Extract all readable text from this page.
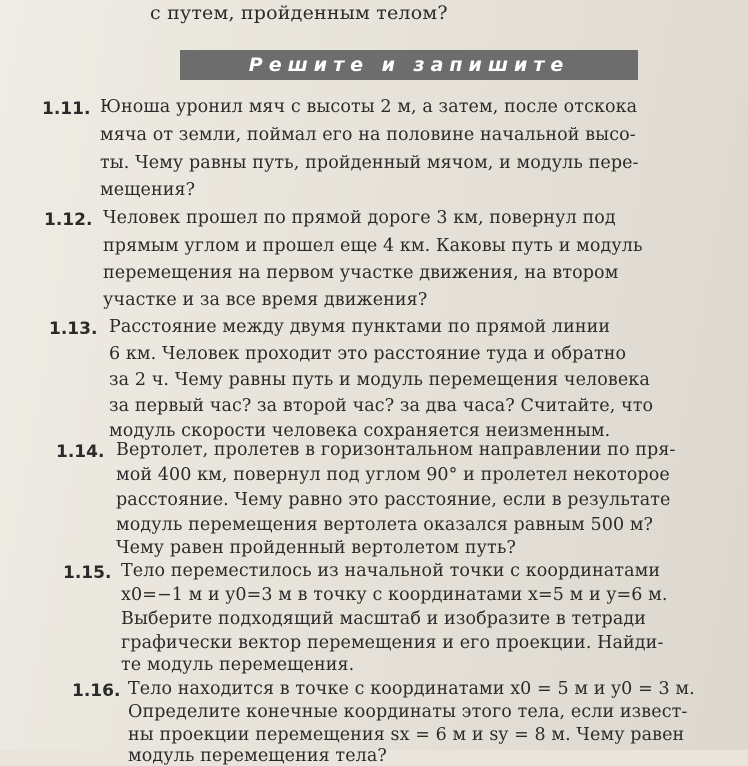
с путем, пройденным телом?
Решите и запишите
1.11. Юноша уронил мяч с высоты 2 м, а затем, после отскока
мяча от земли, поймал его на половине начальной высо-
ты. Чему равны путь, пройденный мячом, и модуль пере-
мещения?
1.12. Человек прошел по прямой дороге 3 км, повернул под
прямым углом и прошел еще 4 км. Каковы путь и модуль
перемещения на первом участке движения, на втором
участке и за все время движения?
1.13. Расстояние между двумя пунктами по прямой линии
6 км. Человек проходит это расстояние туда и обратно
за 2 ч. Чему равны путь и модуль перемещения человека
за первый час? за второй час? за два часа? Считайте, что
модуль скорости человека сохраняется неизменным.
1.14. Вертолет, пролетев в горизонтальном направлении по пря-
мой 400 км, повернул под углом 90° и пролетел некоторое
расстояние. Чему равно это расстояние, если в результате
модуль перемещения вертолета оказался равным 500 м?
Чему равен пройденный вертолетом путь?
1.15. Тело переместилось из начальной точки с координатами
x0=−1 м и y0=3 м в точку с координатами x=5 м и y=6 м.
Выберите подходящий масштаб и изобразите в тетради
графически вектор перемещения и его проекции. Найди-
те модуль перемещения.
1.16. Тело находится в точке с координатами x0 = 5 м и y0 = 3 м.
Определите конечные координаты этого тела, если извест-
ны проекции перемещения sx = 6 м и sy = 8 м. Чему равен
модуль перемещения тела?
